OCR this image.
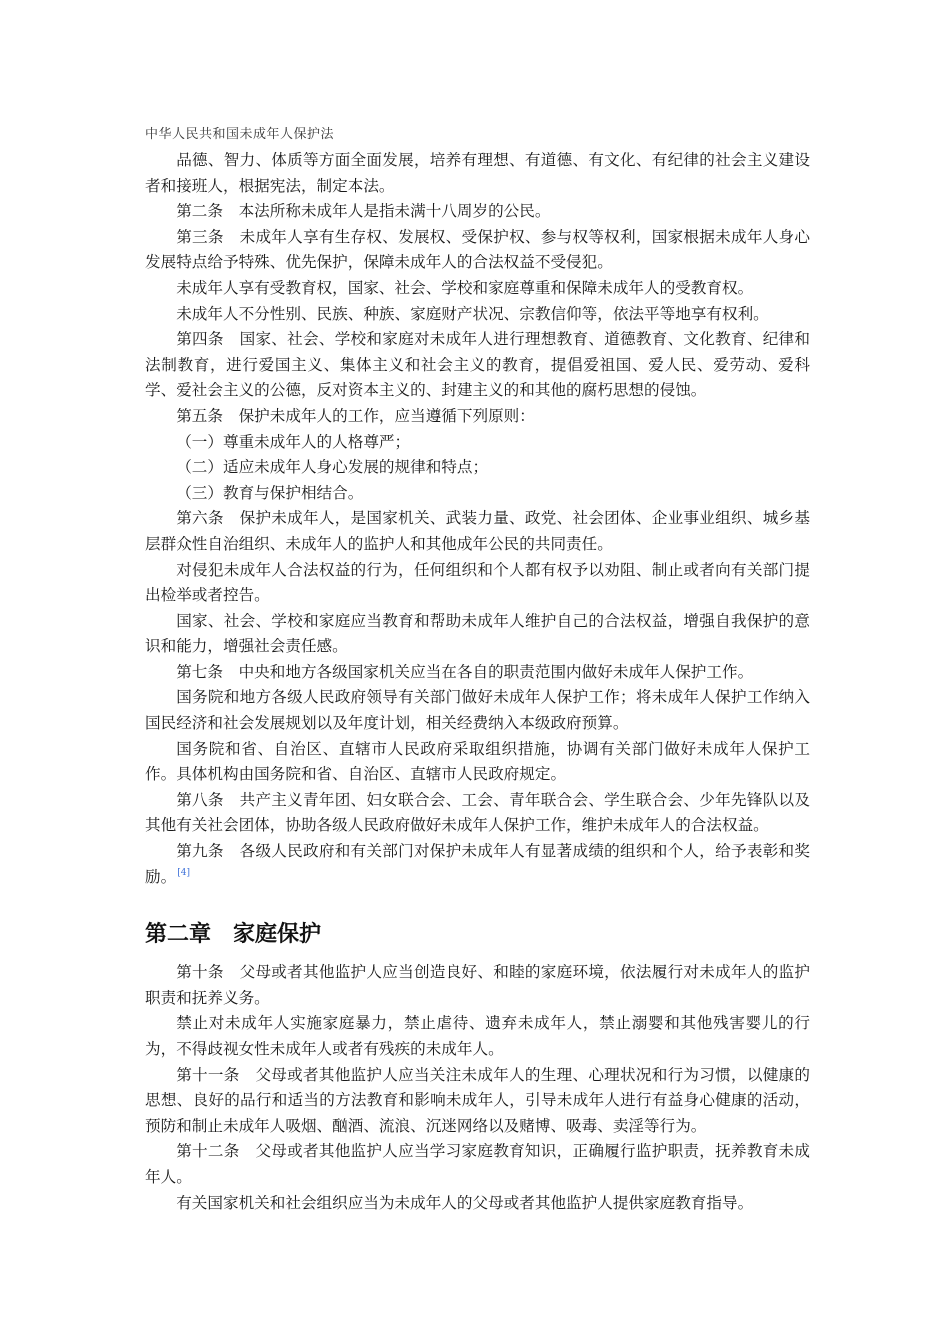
中华人民共和国未成年人保护法

品德、智力、体质等方面全面发展，培养有理想、有道德、有文化、有纪律的社会主义建设者和接班人，根据宪法，制定本法。

第二条　本法所称未成年人是指未满十八周岁的公民。

第三条　未成年人享有生存权、发展权、受保护权、参与权等权利，国家根据未成年人身心发展特点给予特殊、优先保护，保障未成年人的合法权益不受侵犯。

未成年人享有受教育权，国家、社会、学校和家庭尊重和保障未成年人的受教育权。

未成年人不分性别、民族、种族、家庭财产状况、宗教信仰等，依法平等地享有权利。

第四条　国家、社会、学校和家庭对未成年人进行理想教育、道德教育、文化教育、纪律和法制教育，进行爱国主义、集体主义和社会主义的教育，提倡爱祖国、爱人民、爱劳动、爱科学、爱社会主义的公德，反对资本主义的、封建主义的和其他的腐朽思想的侵蚀。

第五条　保护未成年人的工作，应当遵循下列原则：

（一）尊重未成年人的人格尊严；

（二）适应未成年人身心发展的规律和特点；

（三）教育与保护相结合。

第六条　保护未成年人，是国家机关、武装力量、政党、社会团体、企业事业组织、城乡基层群众性自治组织、未成年人的监护人和其他成年公民的共同责任。

对侵犯未成年人合法权益的行为，任何组织和个人都有权予以劝阻、制止或者向有关部门提出检举或者控告。

国家、社会、学校和家庭应当教育和帮助未成年人维护自己的合法权益，增强自我保护的意识和能力，增强社会责任感。

第七条　中央和地方各级国家机关应当在各自的职责范围内做好未成年人保护工作。

国务院和地方各级人民政府领导有关部门做好未成年人保护工作；将未成年人保护工作纳入国民经济和社会发展规划以及年度计划，相关经费纳入本级政府预算。

国务院和省、自治区、直辖市人民政府采取组织措施，协调有关部门做好未成年人保护工作。具体机构由国务院和省、自治区、直辖市人民政府规定。

第八条　共产主义青年团、妇女联合会、工会、青年联合会、学生联合会、少年先锋队以及其他有关社会团体，协助各级人民政府做好未成年人保护工作，维护未成年人的合法权益。

第九条　各级人民政府和有关部门对保护未成年人有显著成绩的组织和个人，给予表彰和奖励。[4]

第二章　家庭保护

第十条　父母或者其他监护人应当创造良好、和睦的家庭环境，依法履行对未成年人的监护职责和抚养义务。

禁止对未成年人实施家庭暴力，禁止虐待、遗弃未成年人，禁止溺婴和其他残害婴儿的行为，不得歧视女性未成年人或者有残疾的未成年人。

第十一条　父母或者其他监护人应当关注未成年人的生理、心理状况和行为习惯，以健康的思想、良好的品行和适当的方法教育和影响未成年人，引导未成年人进行有益身心健康的活动，预防和制止未成年人吸烟、酗酒、流浪、沉迷网络以及赌博、吸毒、卖淫等行为。

第十二条　父母或者其他监护人应当学习家庭教育知识，正确履行监护职责，抚养教育未成年人。

有关国家机关和社会组织应当为未成年人的父母或者其他监护人提供家庭教育指导。
